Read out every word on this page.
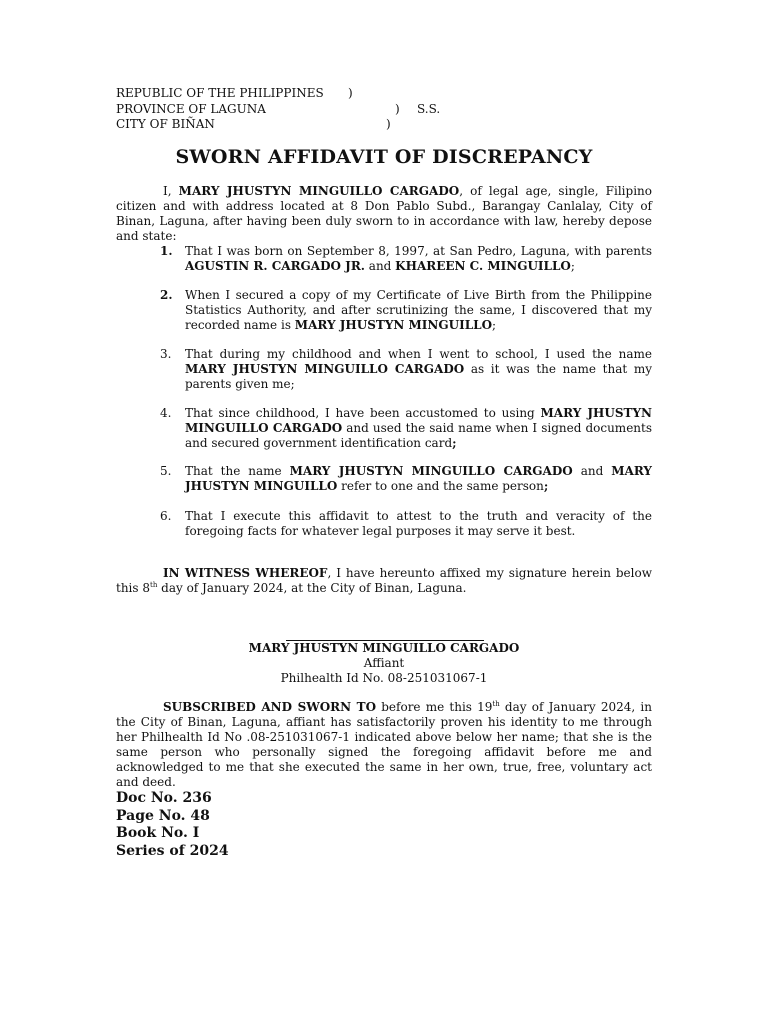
REPUBLIC OF THE PHILIPPINES )
PROVINCE OF LAGUNA	) S.S.
CITY OF BIÑAN	)
SWORN AFFIDAVIT OF DISCREPANCY
I, MARY JHUSTYN MINGUILLO CARGADO, of legal age, single, Filipino citizen and with address located at 8 Don Pablo Subd., Barangay Canlalay, City of Binan, Laguna, after having been duly sworn to in accordance with law, hereby depose and state:
1.	That I was born on September 8, 1997, at San Pedro, Laguna, with parents AGUSTIN R. CARGADO JR. and KHAREEN C. MINGUILLO;
2.	When I secured a copy of my Certificate of Live Birth from the Philippine Statistics Authority, and after scrutinizing the same, I discovered that my recorded name is MARY JHUSTYN MINGUILLO;
3.	That during my childhood and when I went to school, I used the name MARY JHUSTYN MINGUILLO CARGADO as it was the name that my parents given me;
4.	That since childhood, I have been accustomed to using MARY JHUSTYN MINGUILLO CARGADO and used the said name when I signed documents and secured government identification card;
5.	That the name MARY JHUSTYN MINGUILLO CARGADO and MARY JHUSTYN MINGUILLO refer to one and the same person;
6.	That I execute this affidavit to attest to the truth and veracity of the foregoing facts for whatever legal purposes it may serve it best.
IN WITNESS WHEREOF, I have hereunto affixed my signature herein below this 8th day of January 2024, at the City of Binan, Laguna.
MARY JHUSTYN MINGUILLO CARGADO
Affiant
Philhealth Id No. 08-251031067-1
SUBSCRIBED AND SWORN TO before me this 19th day of January 2024, in the City of Binan, Laguna, affiant has satisfactorily proven his identity to me through her Philhealth Id No .08-251031067-1 indicated above below her name; that she is the same person who personally signed the foregoing affidavit before me and acknowledged to me that she executed the same in her own, true, free, voluntary act and deed.
Doc No. 236
Page No. 48
Book No. I
Series of 2024
